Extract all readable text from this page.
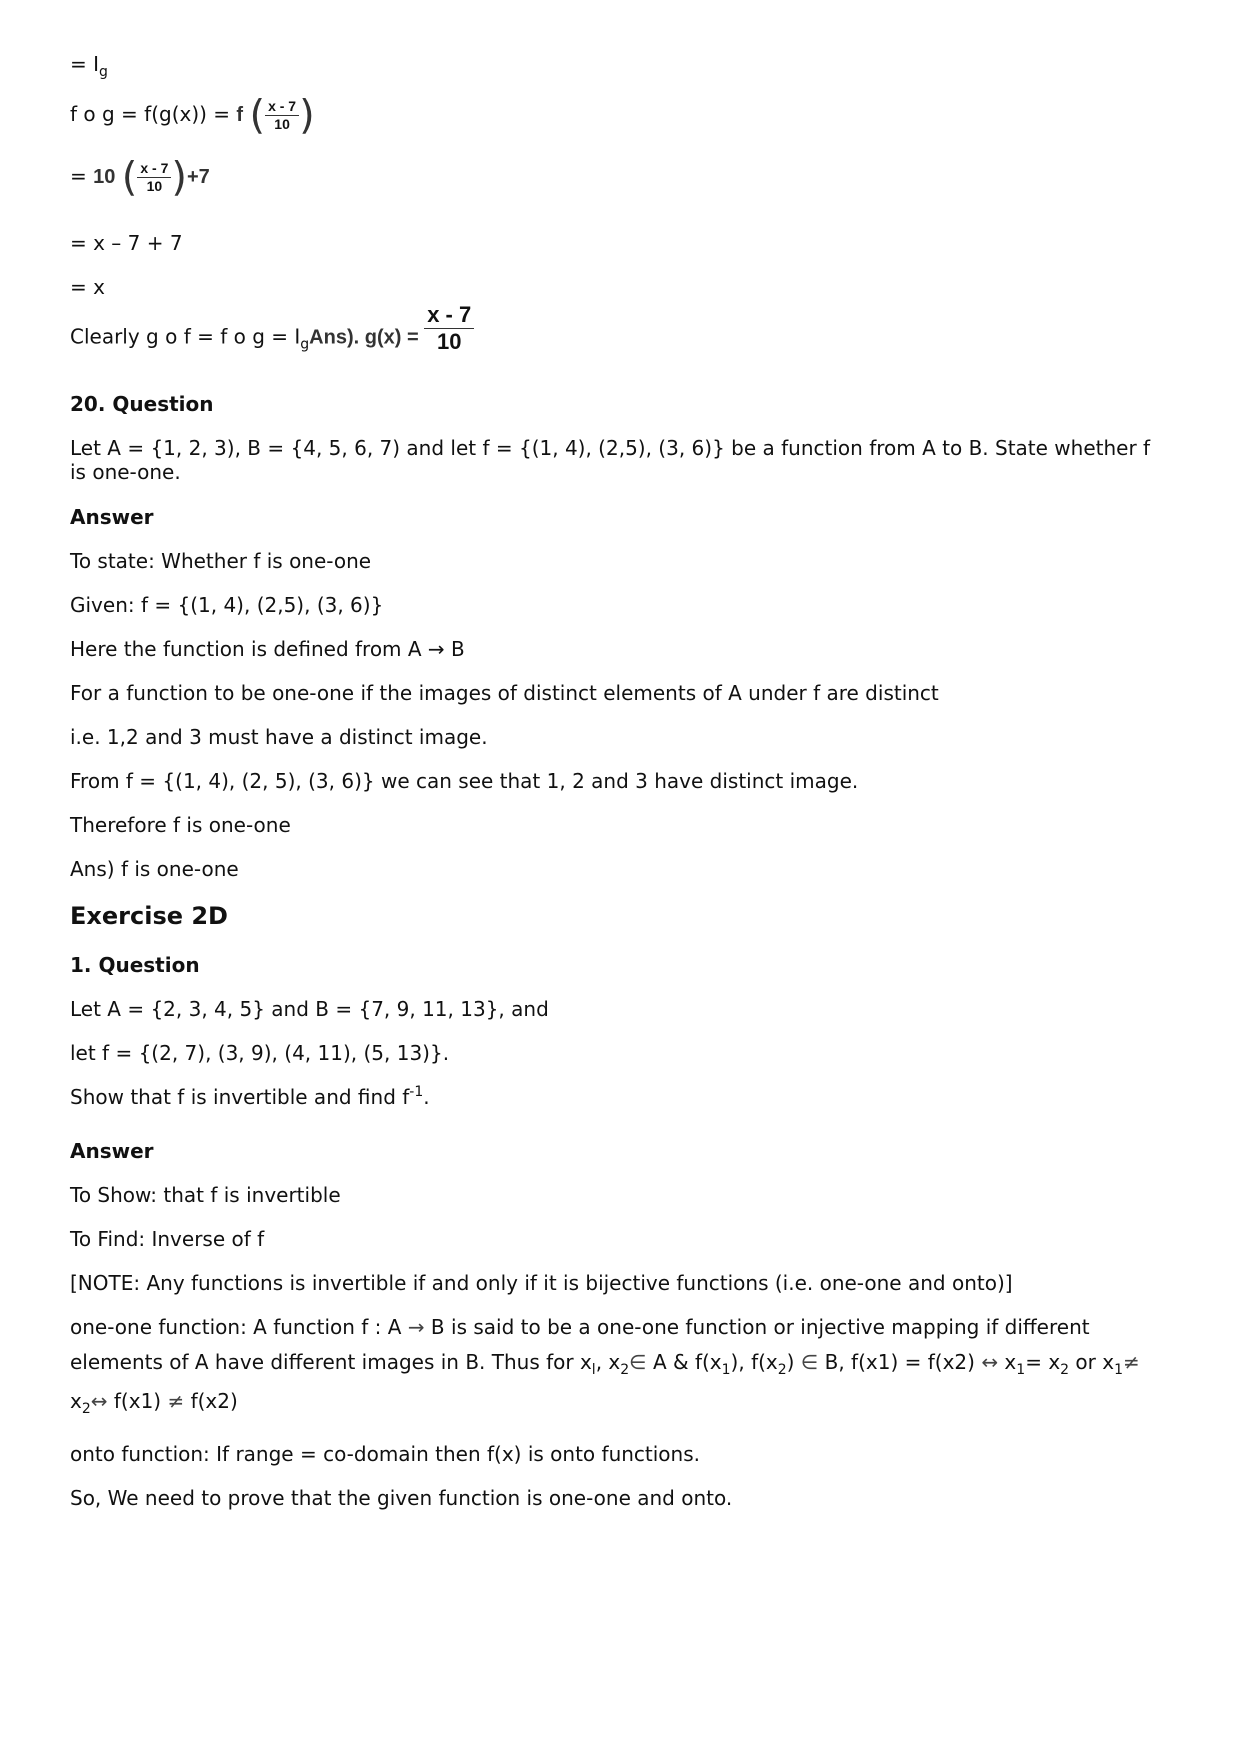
= $I_g$
f o g = f(g(x)) = f ( $\frac{x - 7}{10}$ )
= 10 ( $\frac{x - 7}{10} )+7$
= x – 7 + 7
= x
Clearly g o f = f o $g = I_gAns$). $g(x) = \frac{x - 7}{10}$
20. Question
Let A = {1, 2, 3), B = {4, 5, 6, 7) and let f = {(1, 4), (2,5), (3, 6)} be a function from A to B. State whether f is one-one.
Answer
To state: Whether f is one-one
Given: f = {(1, 4), (2,5), (3, 6)}
Here the function is defined from A → B
For a function to be one-one if the images of distinct elements of A under f are distinct
i.e. 1,2 and 3 must have a distinct image.
From f = {(1, 4), (2, 5), (3, 6)} we can see that 1, 2 and 3 have distinct image.
Therefore f is one-one
Ans) f is one-one
Exercise 2D
1. Question
Let A = {2, 3, 4, 5} and B = {7, 9, 11, 13}, and
let f = {(2, 7), (3, 9), (4, 11), (5, 13)}.
Show that f is invertible and find $f^{-1}$.
Answer
To Show: that f is invertible
To Find: Inverse of f
[NOTE: Any functions is invertible if and only if it is bijective functions (i.e. one-one and onto)]
one-one function: A function f : A → B is said to be a one-one function or injective mapping if different
elements of A have different images in B. Thus for $x_l$, $x_2\in$ A & $f(x_1)$, $f(x_2)$ ∈ B, f(x1) = f(x2) ↔ $x_1= x_2$ or $x_1\ne$
$x_2\leftrightarrow$ f(x1) ≠ f(x2)
onto function: If range = co-domain then f(x) is onto functions.
So, We need to prove that the given function is one-one and onto.
